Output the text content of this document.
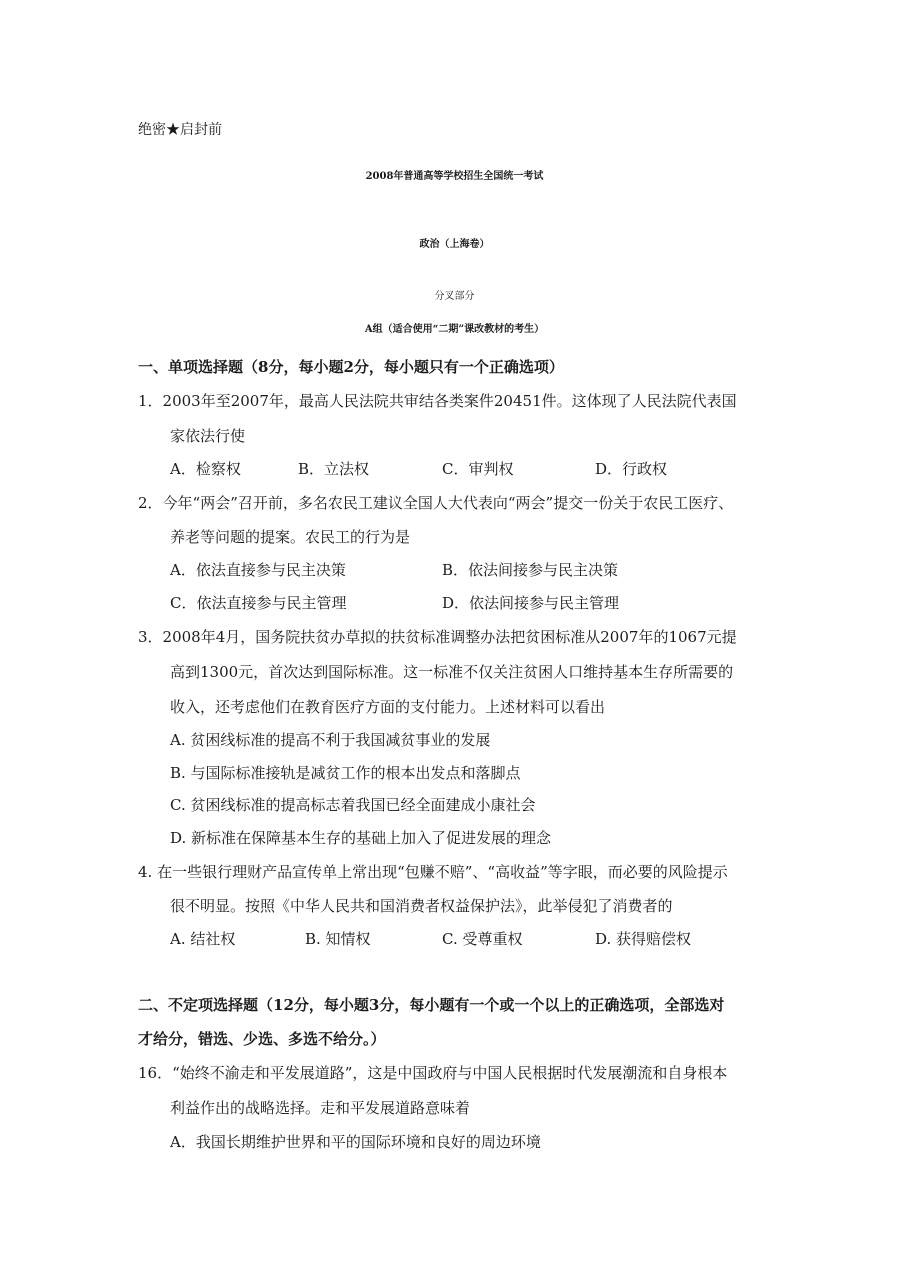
绝密★启封前
2008年普通高等学校招生全国统一考试
政治（上海卷）
分叉部分
A组（适合使用“二期”课改教材的考生）
一、单项选择题（8分，每小题2分，每小题只有一个正确选项）
1．2003年至2007年，最高人民法院共审结各类案件20451件。这体现了人民法院代表国
家依法行使
A．检察权	B．立法权	C．审判权	D．行政权
2．今年“两会”召开前，多名农民工建议全国人大代表向“两会”提交一份关于农民工医疗、
养老等问题的提案。农民工的行为是
A．依法直接参与民主决策	B．依法间接参与民主决策
C．依法直接参与民主管理	D．依法间接参与民主管理
3．2008年4月，国务院扶贫办草拟的扶贫标准调整办法把贫困标准从2007年的1067元提
高到1300元，首次达到国际标准。这一标准不仅关注贫困人口维持基本生存所需要的
收入，还考虑他们在教育医疗方面的支付能力。上述材料可以看出
A. 贫困线标准的提高不利于我国减贫事业的发展
B. 与国际标准接轨是减贫工作的根本出发点和落脚点
C. 贫困线标准的提高标志着我国已经全面建成小康社会
D. 新标准在保障基本生存的基础上加入了促进发展的理念
4. 在一些银行理财产品宣传单上常出现“包赚不赔”、“高收益”等字眼，而必要的风险提示
很不明显。按照《中华人民共和国消费者权益保护法》，此举侵犯了消费者的
A. 结社权	B. 知情权	C. 受尊重权	D. 获得赔偿权
二、不定项选择题（12分，每小题3分，每小题有一个或一个以上的正确选项，全部选对
才给分，错选、少选、多选不给分。）
16．“始终不渝走和平发展道路”，这是中国政府与中国人民根据时代发展潮流和自身根本
利益作出的战略选择。走和平发展道路意味着
A．我国长期维护世界和平的国际环境和良好的周边环境
